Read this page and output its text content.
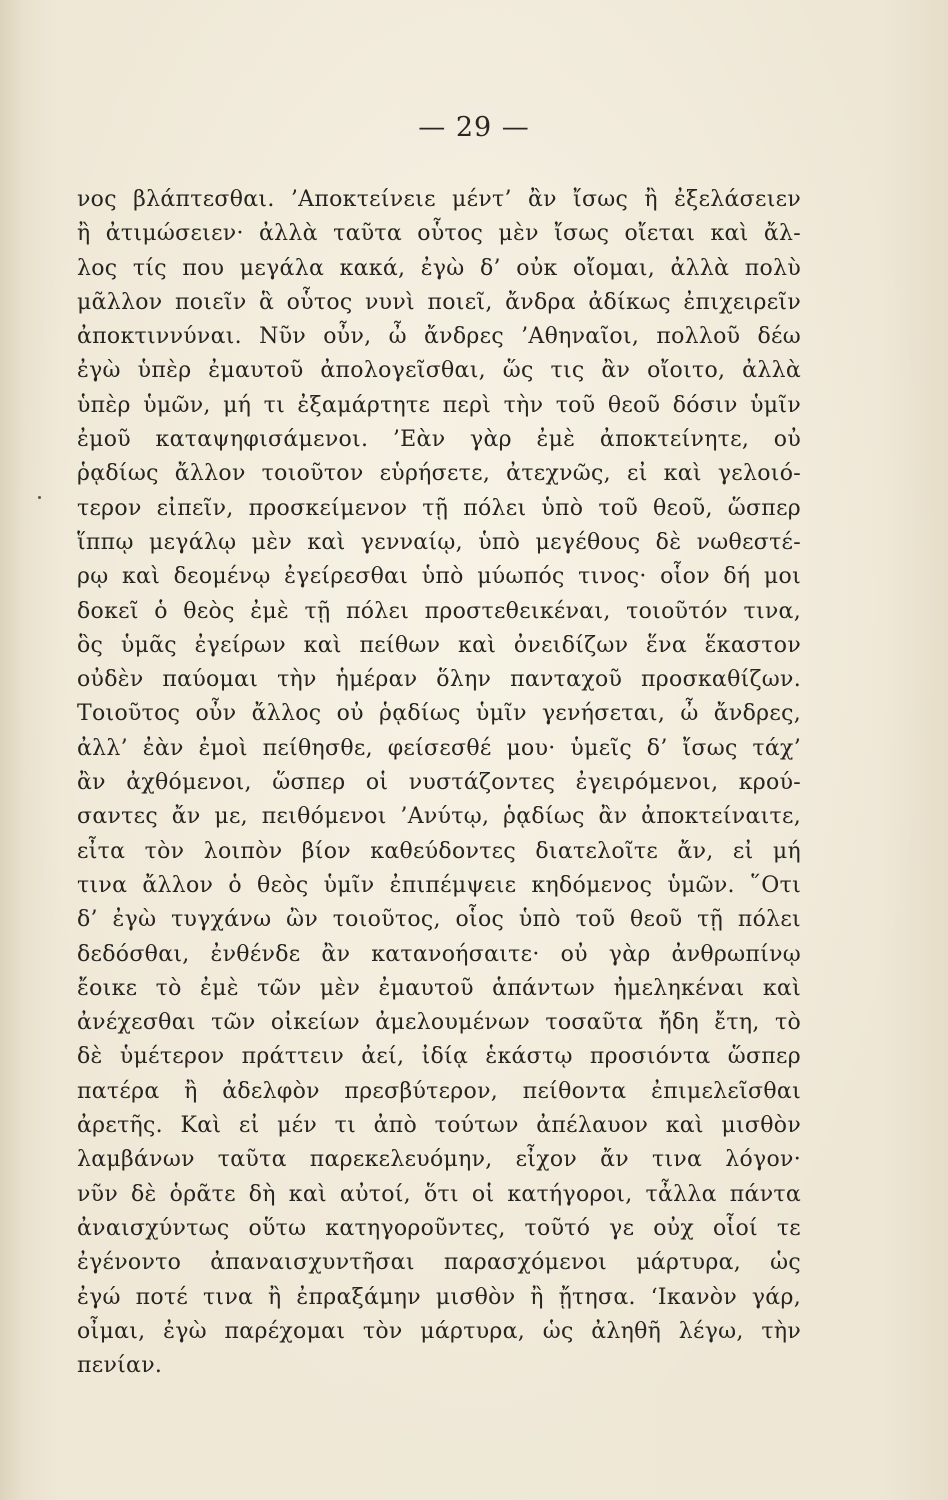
— 29 —
νος βλάπτεσθαι. ’Αποκτείνειε μέντ’ ἂν ἴσως ἢ ἐξελάσειεν
ἢ ἀτιμώσειεν· ἀλλὰ ταῦτα οὗτος μὲν ἴσως οἴεται καὶ ἄλ-
λος τίς που μεγάλα κακά, ἐγὼ δ’ οὐκ οἴομαι, ἀλλὰ πολὺ
μᾶλλον ποιεῖν ἃ οὗτος νυνὶ ποιεῖ, ἄνδρα ἀδίκως ἐπιχειρεῖν
ἀποκτιννύναι. Νῦν οὖν, ὦ ἄνδρες ’Αθηναῖοι, πολλοῦ δέω
ἐγὼ ὑπὲρ ἐμαυτοῦ ἀπολογεῖσθαι, ὥς τις ἂν οἴοιτο, ἀλλὰ
ὑπὲρ ὑμῶν, μή τι ἐξαμάρτητε περὶ τὴν τοῦ θεοῦ δόσιν ὑμῖν
ἐμοῦ καταψηφισάμενοι. ’Εὰν γὰρ ἐμὲ ἀποκτείνητε, οὐ
ῥᾳδίως ἄλλον τοιοῦτον εὑρήσετε, ἀτεχνῶς, εἰ καὶ γελοιό-
τερον εἰπεῖν, προσκείμενον τῇ πόλει ὑπὸ τοῦ θεοῦ, ὥσπερ
ἵππῳ μεγάλῳ μὲν καὶ γενναίῳ, ὑπὸ μεγέθους δὲ νωθεστέ-
ρῳ καὶ δεομένῳ ἐγείρεσθαι ὑπὸ μύωπός τινος· οἷον δή μοι
δοκεῖ ὁ θεὸς ἐμὲ τῇ πόλει προστεθεικέναι, τοιοῦτόν τινα,
ὃς ὑμᾶς ἐγείρων καὶ πείθων καὶ ὀνειδίζων ἕνα ἕκαστον
οὐδὲν παύομαι τὴν ἡμέραν ὅλην πανταχοῦ προσκαθίζων.
Τοιοῦτος οὖν ἄλλος οὐ ῥᾳδίως ὑμῖν γενήσεται, ὦ ἄνδρες,
ἀλλ’ ἐὰν ἐμοὶ πείθησθε, φείσεσθέ μου· ὑμεῖς δ’ ἴσως τάχ’
ἂν ἀχθόμενοι, ὥσπερ οἱ νυστάζοντες ἐγειρόμενοι, κρού-
σαντες ἄν με, πειθόμενοι ’Ανύτῳ, ῥᾳδίως ἂν ἀποκτείναιτε,
εἶτα τὸν λοιπὸν βίον καθεύδοντες διατελοῖτε ἄν, εἰ μή
τινα ἄλλον ὁ θεὸς ὑμῖν ἐπιπέμψειε κηδόμενος ὑμῶν. ῞Οτι
δ’ ἐγὼ τυγχάνω ὢν τοιοῦτος, οἷος ὑπὸ τοῦ θεοῦ τῇ πόλει
δεδόσθαι, ἐνθένδε ἂν κατανοήσαιτε· οὐ γὰρ ἀνθρωπίνῳ
ἔοικε τὸ ἐμὲ τῶν μὲν ἐμαυτοῦ ἁπάντων ἠμεληκέναι καὶ
ἀνέχεσθαι τῶν οἰκείων ἀμελουμένων τοσαῦτα ἤδη ἔτη, τὸ
δὲ ὑμέτερον πράττειν ἀεί, ἰδίᾳ ἑκάστῳ προσιόντα ὥσπερ
πατέρα ἢ ἀδελφὸν πρεσβύτερον, πείθοντα ἐπιμελεῖσθαι
ἀρετῆς. Καὶ εἰ μέν τι ἀπὸ τούτων ἀπέλαυον καὶ μισθὸν
λαμβάνων ταῦτα παρεκελευόμην, εἶχον ἄν τινα λόγον·
νῦν δὲ ὁρᾶτε δὴ καὶ αὐτοί, ὅτι οἱ κατήγοροι, τἆλλα πάντα
ἀναισχύντως οὕτω κατηγοροῦντες, τοῦτό γε οὐχ οἷοί τε
ἐγένοντο ἀπαναισχυντῆσαι παρασχόμενοι μάρτυρα, ὡς
ἐγώ ποτέ τινα ἢ ἐπραξάμην μισθὸν ἢ ᾔτησα. ‘Ικανὸν γάρ,
οἶμαι, ἐγὼ παρέχομαι τὸν μάρτυρα, ὡς ἀληθῆ λέγω, τὴν
πενίαν.
